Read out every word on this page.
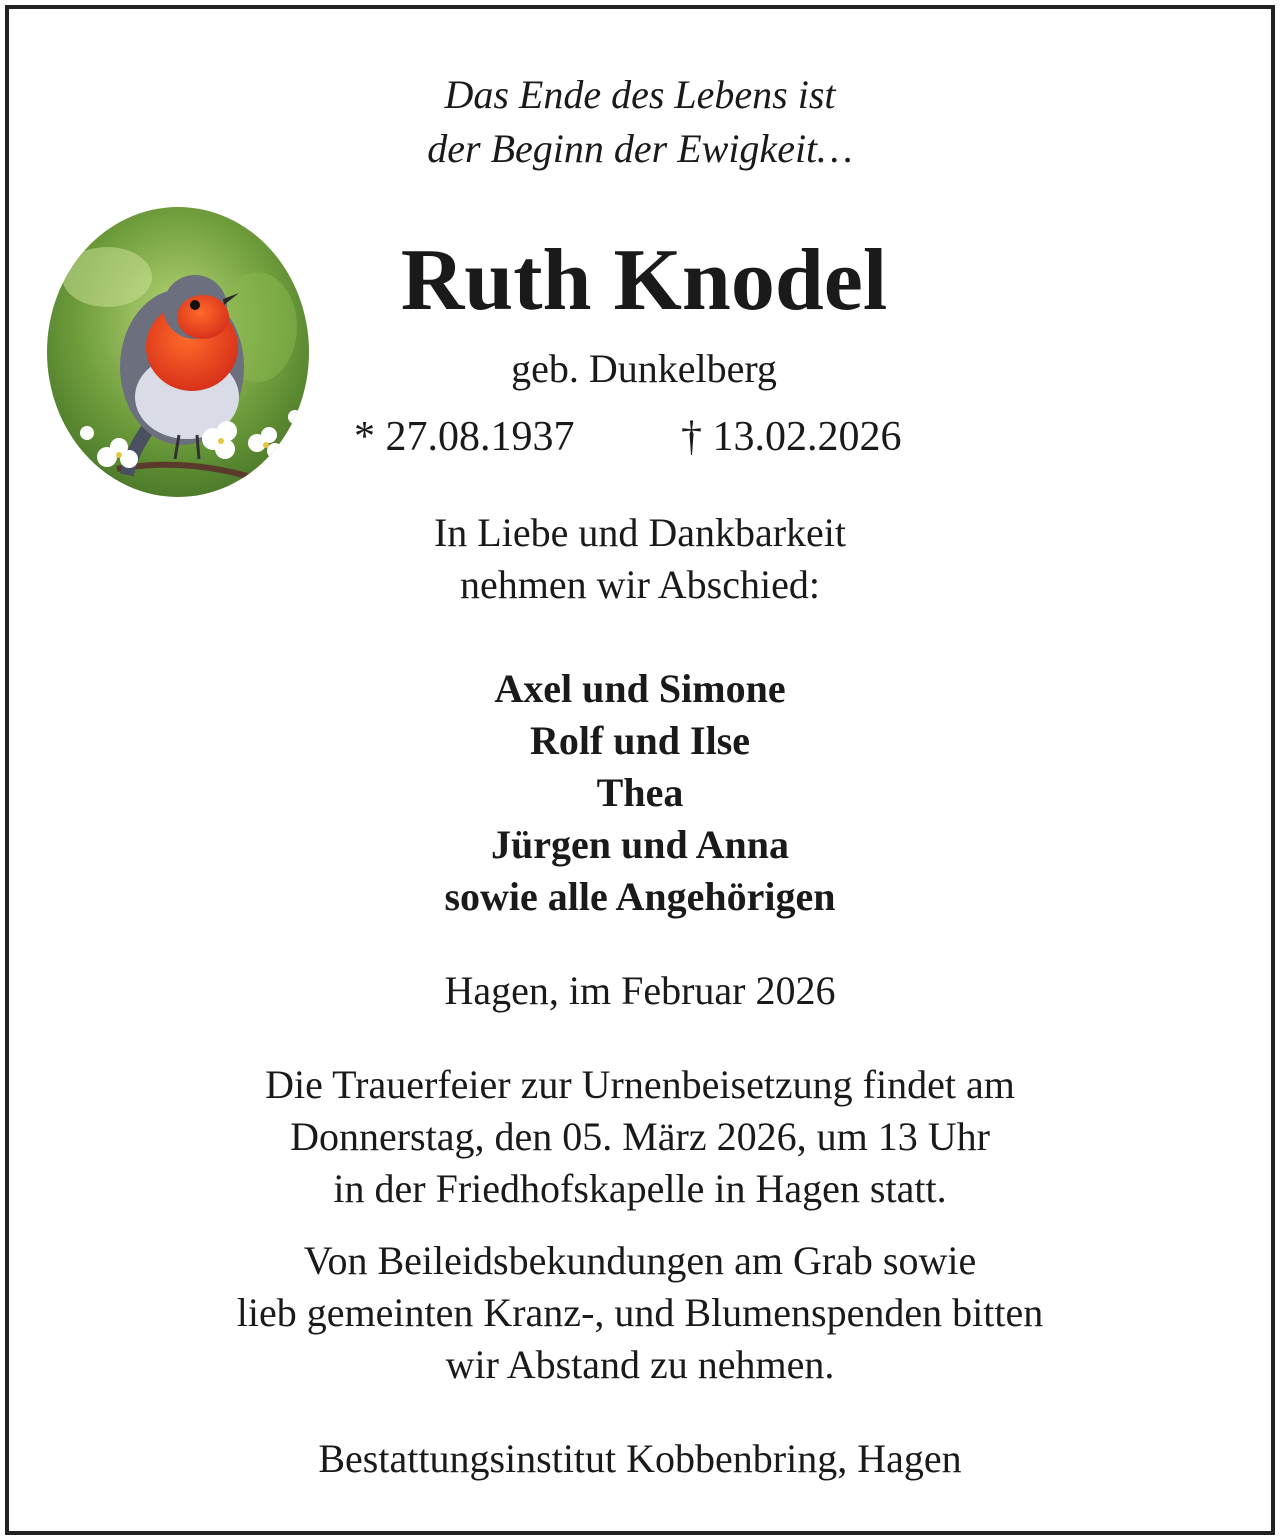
Das Ende des Lebens ist
der Beginn der Ewigkeit…
Ruth Knodel
geb. Dunkelberg
* 27.08.1937	† 13.02.2026
In Liebe und Dankbarkeit
nehmen wir Abschied:
Axel und Simone
Rolf und Ilse
Thea
Jürgen und Anna
sowie alle Angehörigen
Hagen, im Februar 2026
Die Trauerfeier zur Urnenbeisetzung findet am
Donnerstag, den 05. März 2026, um 13 Uhr
in der Friedhofskapelle in Hagen statt.
Von Beileidsbekundungen am Grab sowie
lieb gemeinten Kranz-, und Blumenspenden bitten
wir Abstand zu nehmen.
Bestattungsinstitut Kobbenbring, Hagen
